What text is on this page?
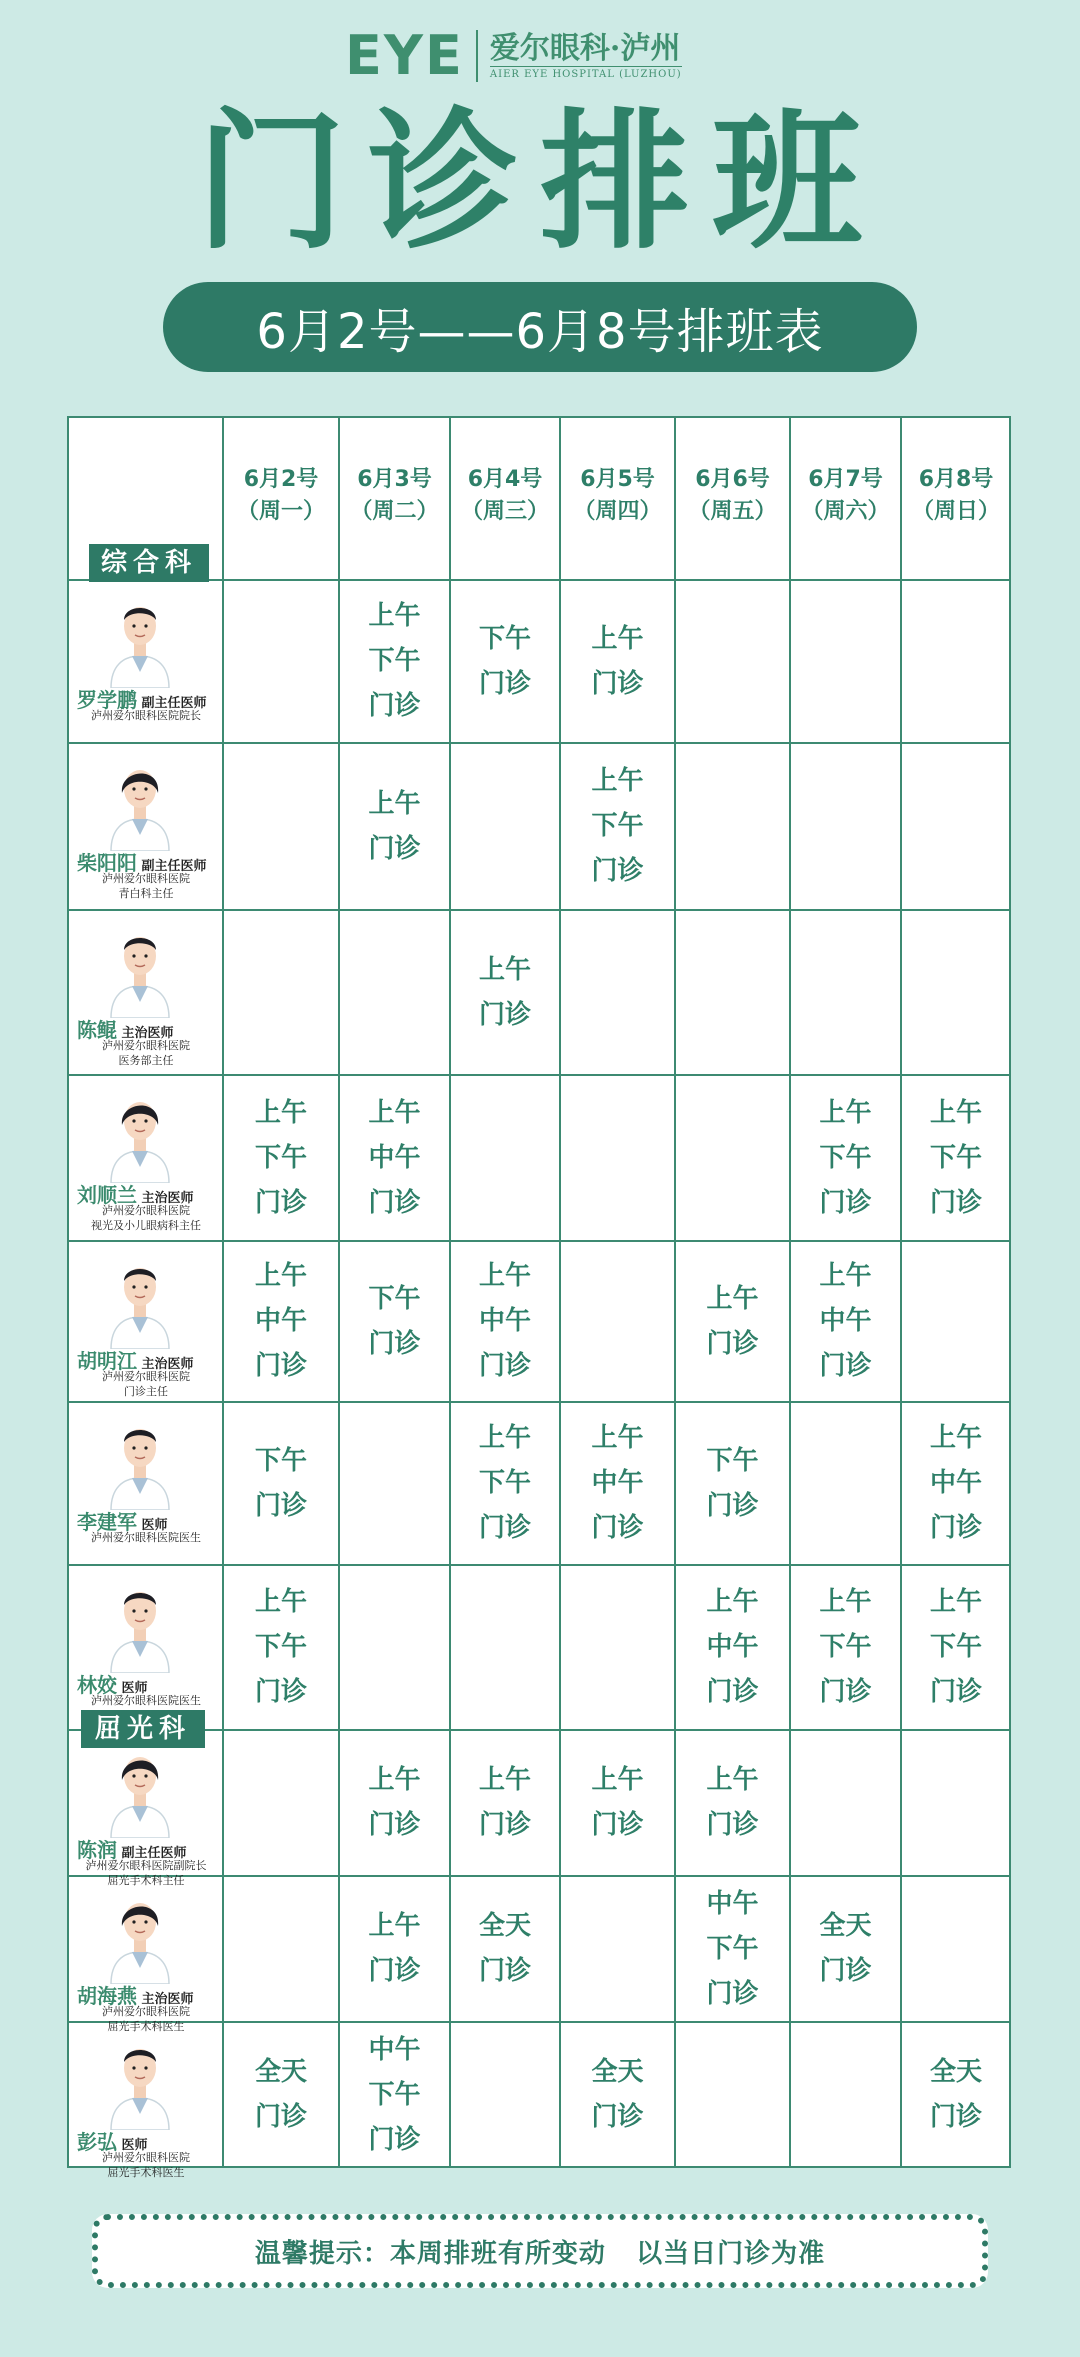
EYE 爱尔眼科·泸州
AIER EYE HOSPITAL (LUZHOU)
门诊排班
6月2号——6月8号排班表
6月2号
（周一）
6月3号
（周二）
6月4号
（周三）
6月5号
（周四）
6月6号
（周五）
6月7号
（周六）
6月8号
（周日）
综合科
罗学鹏 副主任医师
泸州爱尔眼科医院院长
上午
下午
门诊
下午
门诊
上午
门诊
柴阳阳 副主任医师
泸州爱尔眼科医院
青白科主任
上午
门诊
上午
下午
门诊
陈鲲 主治医师
泸州爱尔眼科医院
医务部主任
上午
门诊
刘顺兰 主治医师
泸州爱尔眼科医院
视光及小儿眼病科主任
上午
下午
门诊
上午
中午
门诊
上午
下午
门诊
上午
下午
门诊
胡明江 主治医师
泸州爱尔眼科医院
门诊主任
上午
中午
门诊
下午
门诊
上午
中午
门诊
上午
门诊
上午
中午
门诊
李建军 医师
泸州爱尔眼科医院医生
下午
门诊
上午
下午
门诊
上午
中午
门诊
下午
门诊
上午
中午
门诊
林姣 医师
泸州爱尔眼科医院医生
上午
下午
门诊
上午
中午
门诊
上午
下午
门诊
上午
下午
门诊
陈润 副主任医师
泸州爱尔眼科医院副院长
屈光手术科主任
上午
门诊
上午
门诊
上午
门诊
上午
门诊
胡海燕 主治医师
泸州爱尔眼科医院
屈光手术科医生
上午
门诊
全天
门诊
中午
下午
门诊
全天
门诊
彭弘 医师
泸州爱尔眼科医院
屈光手术科医生
全天
门诊
中午
下午
门诊
全天
门诊
全天
门诊
屈光科
温馨提示：本周排班有所变动   以当日门诊为准
